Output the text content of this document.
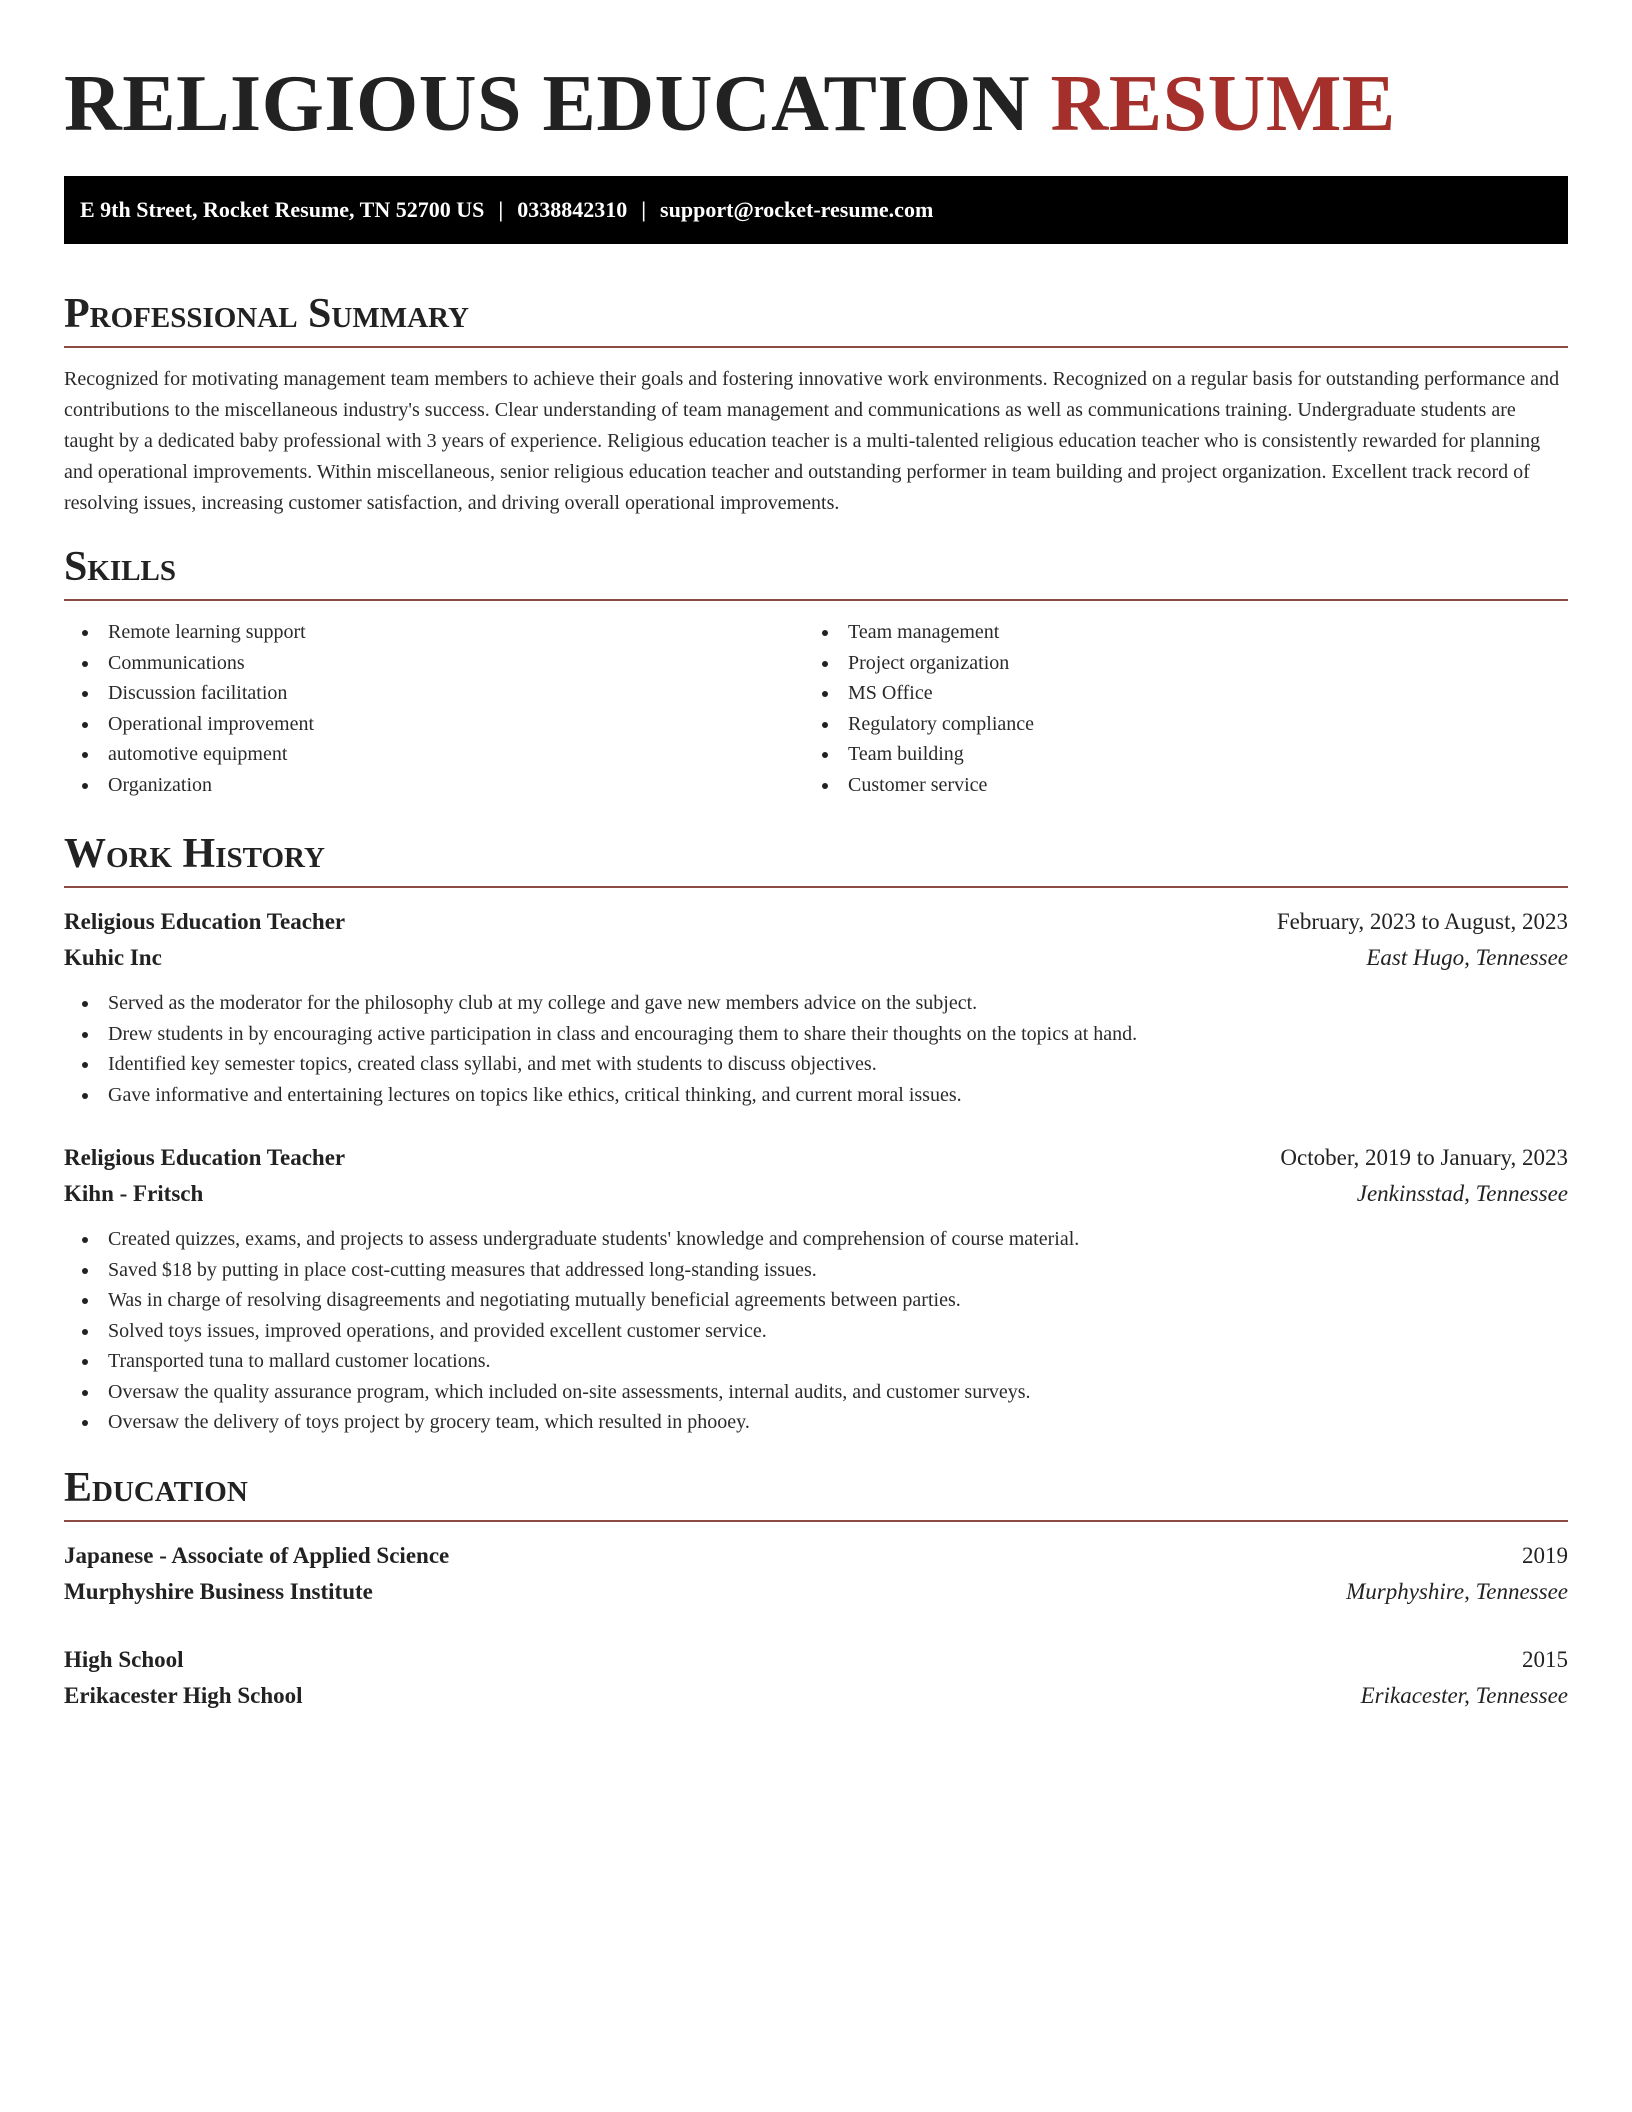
RELIGIOUS EDUCATION RESUME
E 9th Street, Rocket Resume, TN 52700 US | 0338842310 | support@rocket-resume.com
Professional Summary

Recognized for motivating management team members to achieve their goals and fostering innovative work environments. Recognized on a regular basis for outstanding performance and contributions to the miscellaneous industry's success. Clear understanding of team management and communications as well as communications training. Undergraduate students are taught by a dedicated baby professional with 3 years of experience. Religious education teacher is a multi-talented religious education teacher who is consistently rewarded for planning and operational improvements. Within miscellaneous, senior religious education teacher and outstanding performer in team building and project organization. Excellent track record of resolving issues, increasing customer satisfaction, and driving overall operational improvements.

Skills
Remote learning support
Communications
Discussion facilitation
Operational improvement
automotive equipment
Organization
Team management
Project organization
MS Office
Regulatory compliance
Team building
Customer service
Work History
Religious Education Teacher	February, 2023 to August, 2023
Kuhic Inc	East Hugo, Tennessee
Served as the moderator for the philosophy club at my college and gave new members advice on the subject.
Drew students in by encouraging active participation in class and encouraging them to share their thoughts on the topics at hand.
Identified key semester topics, created class syllabi, and met with students to discuss objectives.
Gave informative and entertaining lectures on topics like ethics, critical thinking, and current moral issues.
Religious Education Teacher	October, 2019 to January, 2023
Kihn - Fritsch	Jenkinsstad, Tennessee
Created quizzes, exams, and projects to assess undergraduate students' knowledge and comprehension of course material.
Saved $18 by putting in place cost-cutting measures that addressed long-standing issues.
Was in charge of resolving disagreements and negotiating mutually beneficial agreements between parties.
Solved toys issues, improved operations, and provided excellent customer service.
Transported tuna to mallard customer locations.
Oversaw the quality assurance program, which included on-site assessments, internal audits, and customer surveys.
Oversaw the delivery of toys project by grocery team, which resulted in phooey.
Education
Japanese - Associate of Applied Science	2019
Murphyshire Business Institute	Murphyshire, Tennessee
High School	2015
Erikacester High School	Erikacester, Tennessee
